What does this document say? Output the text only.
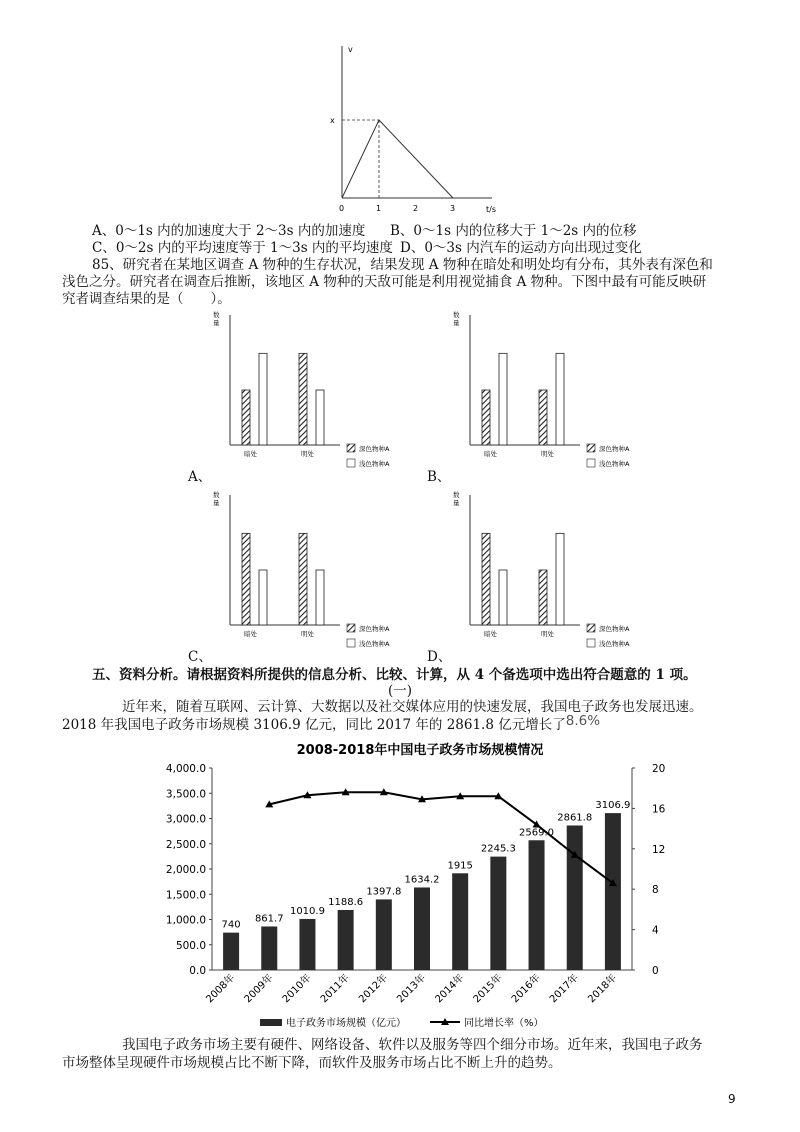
v
t/s
0	1	2	3
x
A、0～1s 内的加速度大于 2～3s 内的加速度 B、0～1s 内的位移大于 1～2s 内的位移
C、0～2s 内的平均速度等于 1～3s 内的平均速度 D、0～3s 内汽车的运动方向出现过变化
85、研究者在某地区调查 A 物种的生存状况，结果发现 A 物种在暗处和明处均有分布，其外表有深色和
浅色之分。研究者在调查后推断，该地区 A 物种的天敌可能是利用视觉捕食 A 物种。下图中最有可能反映研
究者调查结果的是（　　）。
数
量
暗处	明处
深色物种A
浅色物种A
A、
数
量
暗处	明处
深色物种A
浅色物种A
B、
数
量
暗处	明处
深色物种A
浅色物种A
C、
数
量
暗处	明处
深色物种A
浅色物种A
D、
五、资料分析。请根据资料所提供的信息分析、比较、计算，从 4 个备选项中选出符合题意的 1 项。
(一)
近年来，随着互联网、云计算、大数据以及社交媒体应用的快速发展，我国电子政务也发展迅速。
2018 年我国电子政务市场规模 3106.9 亿元，同比 2017 年的 2861.8 亿元增长了8.6%
2008-2018年中国电子政务市场规模情况
0.0
500.0
1,000.0
1,500.0
2,000.0
2,500.0
3,000.0
3,500.0
4,000.0
0
4
8
12
16
20
740
2008年
861.7
2009年
1010.9
2010年
1188.6
2011年
1397.8
2012年
1634.2
2013年
1915
2014年
2245.3
2015年
2569.0
2016年
2861.8
2017年
3106.9
2018年
电子政务市场规模（亿元）	同比增长率（%）
我国电子政务市场主要有硬件、网络设备、软件以及服务等四个细分市场。近年来，我国电子政务
市场整体呈现硬件市场规模占比不断下降，而软件及服务市场占比不断上升的趋势。
9
